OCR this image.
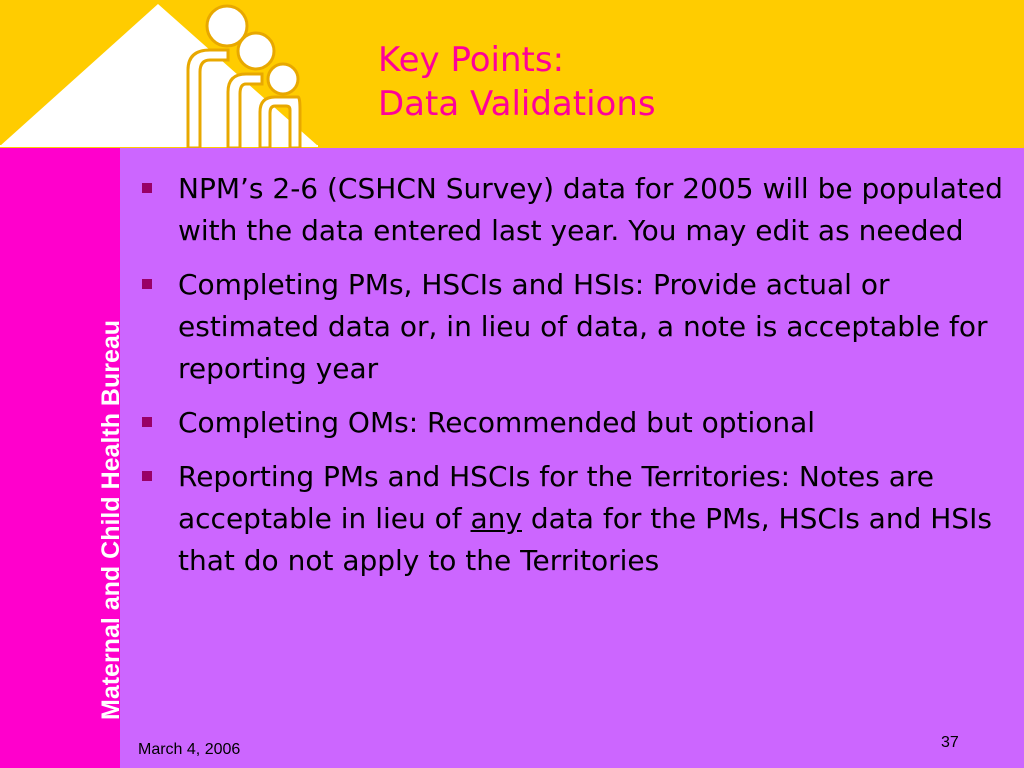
Key Points:
Data Validations
Maternal and Child Health Bureau
NPM’s 2-6 (CSHCN Survey) data for 2005 will be populated with the data entered last year. You may edit as needed
Completing PMs, HSCIs and HSIs: Provide actual or estimated data or, in lieu of data, a note is acceptable for reporting year
Completing OMs: Recommended but optional
Reporting PMs and HSCIs for the Territories: Notes are acceptable in lieu of any data for the PMs, HSCIs and HSIs that do not apply to the Territories
March 4, 2006	37
